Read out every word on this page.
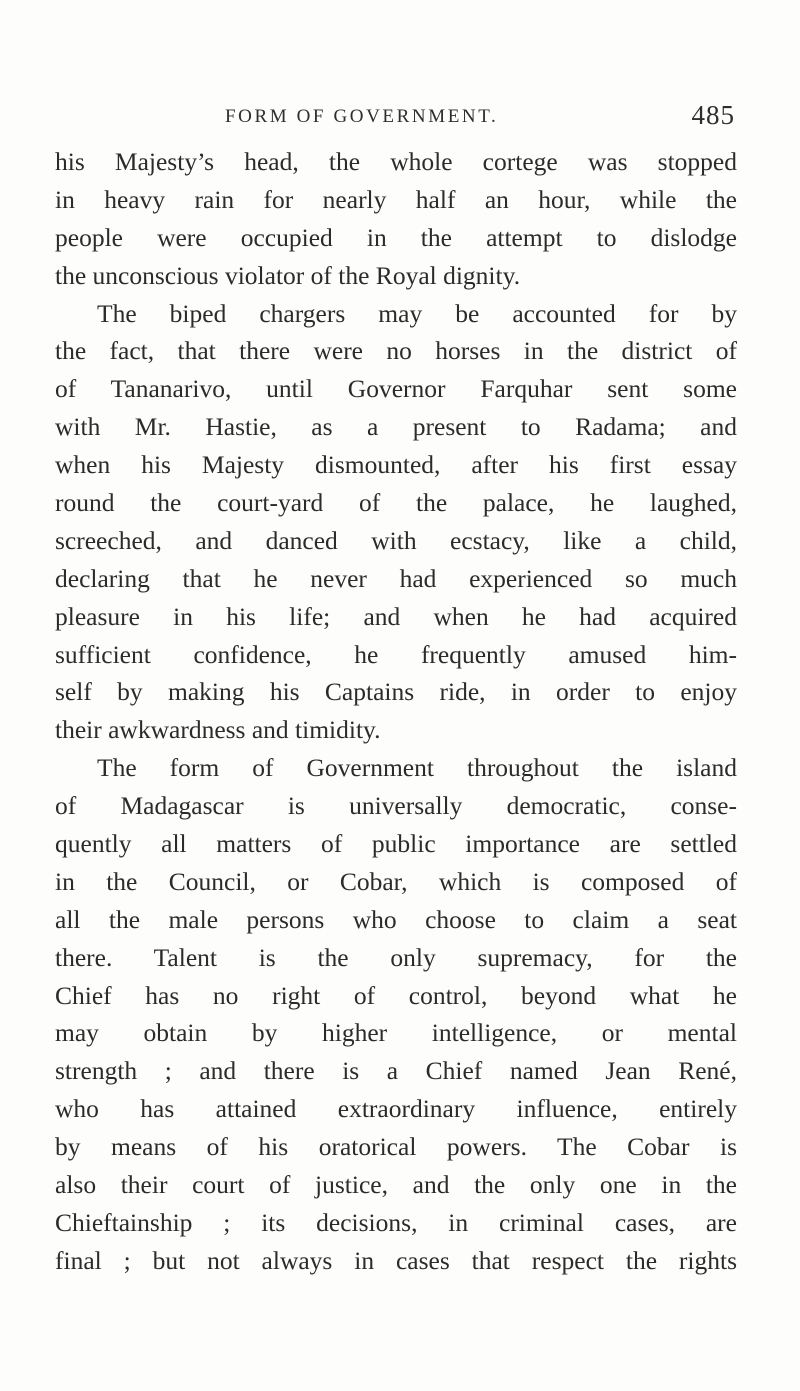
FORM OF GOVERNMENT.	485
his Majesty’s head, the whole cortege was stopped
in heavy rain for nearly half an hour, while the
people were occupied in the attempt to dislodge
the unconscious violator of the Royal dignity.
The biped chargers may be accounted for by
the fact, that there were no horses in the district of
of Tananarivo, until Governor Farquhar sent some
with Mr. Hastie, as a present to Radama; and
when his Majesty dismounted, after his first essay
round the court-yard of the palace, he laughed,
screeched, and danced with ecstacy, like a child,
declaring that he never had experienced so much
pleasure in his life; and when he had acquired
sufficient confidence, he frequently amused him-
self by making his Captains ride, in order to enjoy
their awkwardness and timidity.
The form of Government throughout the island
of Madagascar is universally democratic, conse-
quently all matters of public importance are settled
in the Council, or Cobar, which is composed of
all the male persons who choose to claim a seat
there. Talent is the only supremacy, for the
Chief has no right of control, beyond what he
may obtain by higher intelligence, or mental
strength ; and there is a Chief named Jean René,
who has attained extraordinary influence, entirely
by means of his oratorical powers. The Cobar is
also their court of justice, and the only one in the
Chieftainship ; its decisions, in criminal cases, are
final ; but not always in cases that respect the rights
